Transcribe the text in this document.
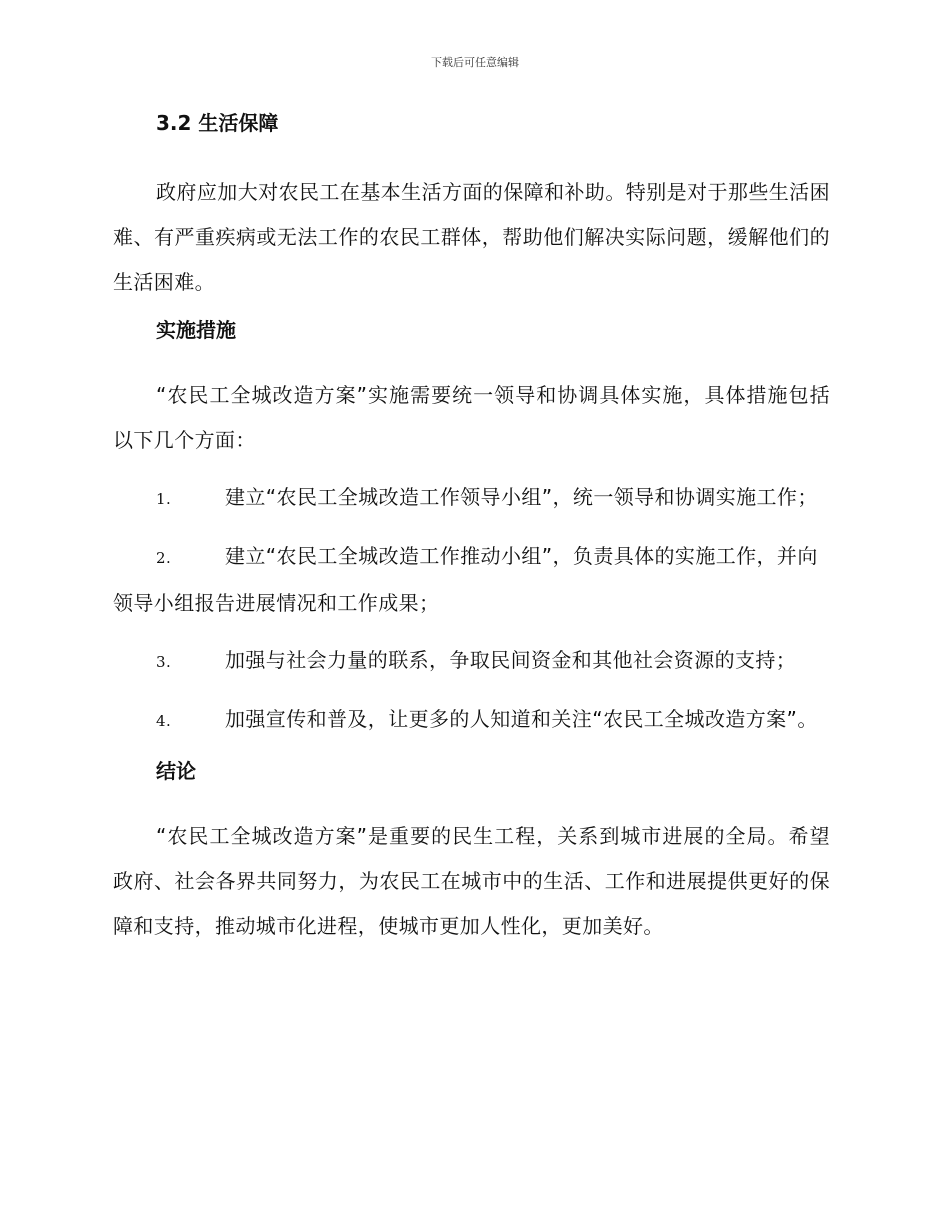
下载后可任意编辑

3.2 生活保障

政府应加大对农民工在基本生活方面的保障和补助。特别是对于那些生活困难、有严重疾病或无法工作的农民工群体，帮助他们解决实际问题，缓解他们的生活困难。

实施措施

“农民工全城改造方案”实施需要统一领导和协调具体实施，具体措施包括以下几个方面：

1.	建立“农民工全城改造工作领导小组”，统一领导和协调实施工作；

2.	建立“农民工全城改造工作推动小组”，负责具体的实施工作，并向领导小组报告进展情况和工作成果；

3.	加强与社会力量的联系，争取民间资金和其他社会资源的支持；

4.	加强宣传和普及，让更多的人知道和关注“农民工全城改造方案”。

结论

“农民工全城改造方案”是重要的民生工程，关系到城市进展的全局。希望政府、社会各界共同努力，为农民工在城市中的生活、工作和进展提供更好的保障和支持，推动城市化进程，使城市更加人性化，更加美好。
